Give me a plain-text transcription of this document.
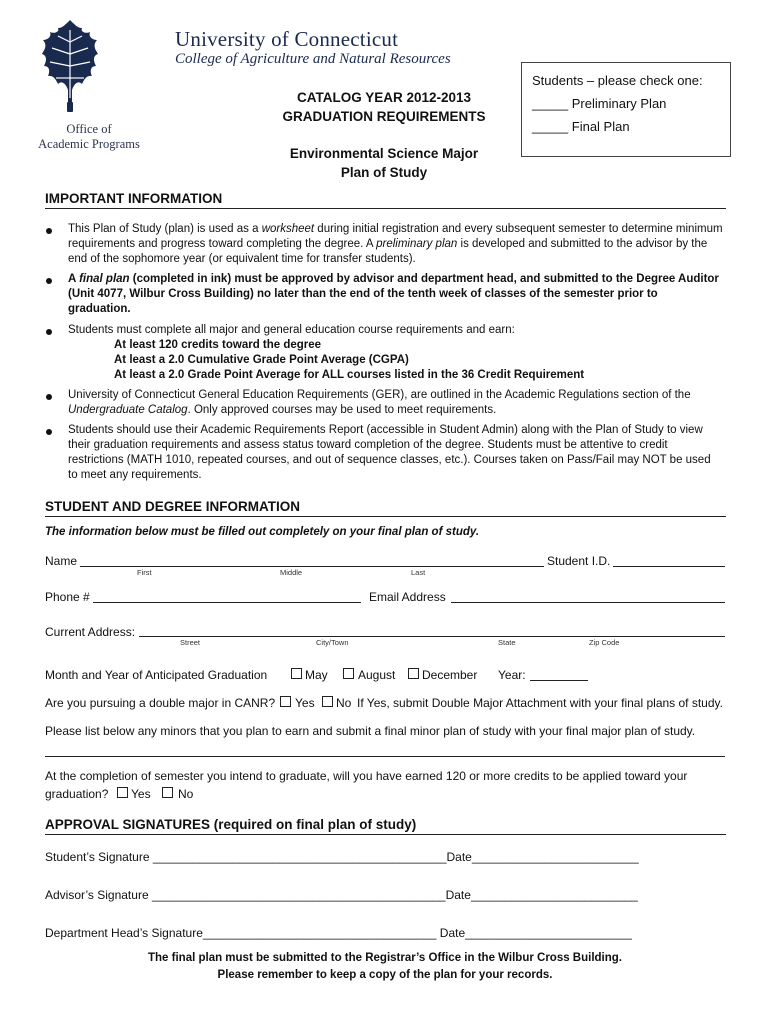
University of Connecticut
College of Agriculture and Natural Resources
Office of
Academic Programs
CATALOG YEAR 2012-2013
GRADUATION REQUIREMENTS
Environmental Science Major
Plan of Study
Students – please check one:
_____ Preliminary Plan
_____ Final Plan
IMPORTANT INFORMATION
This Plan of Study (plan) is used as a worksheet during initial registration and every subsequent semester to determine minimum requirements and progress toward completing the degree. A preliminary plan is developed and submitted to the advisor by the end of the sophomore year (or equivalent time for transfer students).
A final plan (completed in ink) must be approved by advisor and department head, and submitted to the Degree Auditor (Unit 4077, Wilbur Cross Building) no later than the end of the tenth week of classes of the semester prior to graduation.
Students must complete all major and general education course requirements and earn:
At least 120 credits toward the degree
At least a 2.0 Cumulative Grade Point Average (CGPA)
At least a 2.0 Grade Point Average for ALL courses listed in the 36 Credit Requirement
University of Connecticut General Education Requirements (GER), are outlined in the Academic Regulations section of the Undergraduate Catalog. Only approved courses may be used to meet requirements.
Students should use their Academic Requirements Report (accessible in Student Admin) along with the Plan of Study to view their graduation requirements and assess status toward completion of the degree. Students must be attentive to credit restrictions (MATH 1010, repeated courses, and out of sequence classes, etc.). Courses taken on Pass/Fail may NOT be used to meet any requirements.
STUDENT AND DEGREE INFORMATION
The information below must be filled out completely on your final plan of study.
Name
First	Middle	Last
Student I.D.
Phone #	Email Address
Current Address:
Street	City/Town	State	Zip Code
Month and Year of Anticipated Graduation	May	August December Year:
Are you pursuing a double major in CANR? Yes No If Yes, submit Double Major Attachment with your final plans of study.
Please list below any minors that you plan to earn and submit a final minor plan of study with your final major plan of study.
At the completion of semester you intend to graduate, will you have earned 120 or more credits to be applied toward your
graduation? Yes No
APPROVAL SIGNATURES (required on final plan of study)
Student’s Signature ____________________________________________Date_________________________
Advisor’s Signature ____________________________________________Date_________________________
Department Head’s Signature___________________________________ Date_________________________
The final plan must be submitted to the Registrar’s Office in the Wilbur Cross Building.
Please remember to keep a copy of the plan for your records.
